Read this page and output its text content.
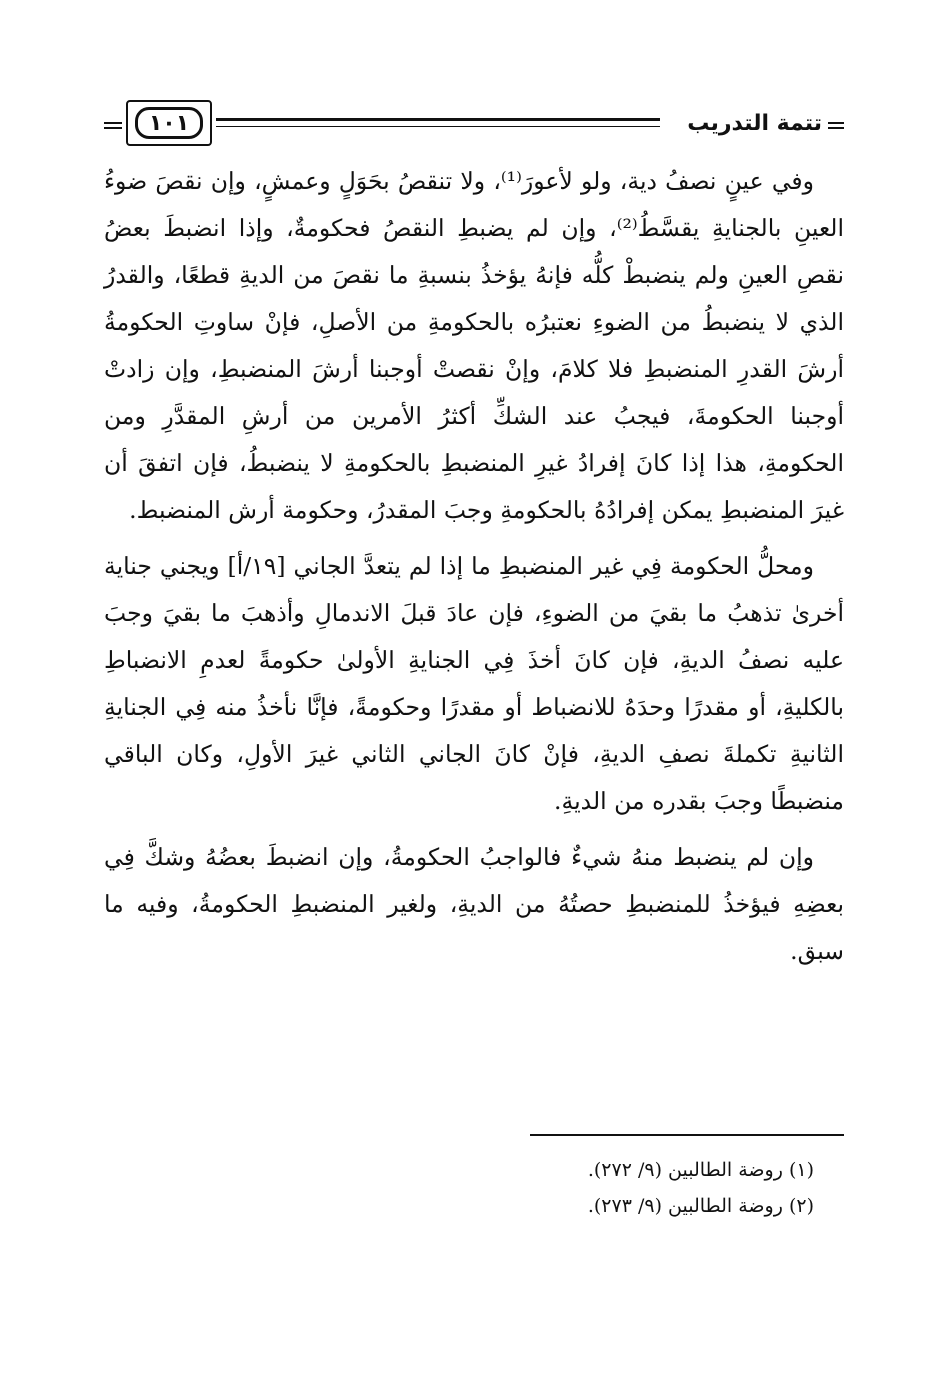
تتمة التدريب
١٠١

وفي عينٍ نصفُ دية، ولو لأعورَ⁽¹⁾، ولا تنقصُ بحَوَلٍ وعمشٍ، وإن نقصَ ضوءُ العينِ بالجنايةِ يقسَّطُ⁽²⁾، وإن لم يضبطِ النقصُ فحكومةٌ، وإذا انضبطَ بعضُ نقصِ العينِ ولم ينضبطْ كلُّه فإنهُ يؤخذُ بنسبةِ ما نقصَ من الديةِ قطعًا، والقدرُ الذي لا ينضبطُ من الضوءِ نعتبرُه بالحكومةِ من الأصلِ، فإنْ ساوتِ الحكومةُ أرشَ القدرِ المنضبطِ فلا كلامَ، وإنْ نقصتْ أوجبنا أرشَ المنضبطِ، وإن زادتْ أوجبنا الحكومةَ، فيجبُ عند الشكِّ أكثرُ الأمرين من أرشِ المقدَّرِ ومن الحكومةِ، هذا إذا كانَ إفرادُ غيرِ المنضبطِ بالحكومةِ لا ينضبطُ، فإن اتفقَ أن غيرَ المنضبطِ يمكن إفرادُهُ بالحكومةِ وجبَ المقدرُ، وحكومة أرش المنضبط.

ومحلُّ الحكومة فِي غير المنضبطِ ما إذا لم يتعدَّ الجاني [١٩/أ] ويجني جناية أخرىٰ تذهبُ ما بقيَ من الضوءِ، فإن عادَ قبلَ الاندمالِ وأذهبَ ما بقيَ وجبَ عليه نصفُ الديةِ، فإن كانَ أخذَ فِي الجنايةِ الأولىٰ حكومةً لعدمِ الانضباطِ بالكليةِ، أو مقدرًا وحدَهُ للانضباط أو مقدرًا وحكومةً، فإنَّا نأخذُ منه فِي الجنايةِ الثانيةِ تكملةَ نصفِ الديةِ، فإنْ كانَ الجاني الثاني غيرَ الأولِ، وكان الباقي منضبطًا وجبَ بقدره من الديةِ.

وإن لم ينضبط منهُ شيءٌ فالواجبُ الحكومةُ، وإن انضبطَ بعضُهُ وشكَّ فِي بعضِهِ فيؤخذُ للمنضبطِ حصتُهُ من الديةِ، ولغير المنضبطِ الحكومةُ، وفيه ما سبق.

(١) روضة الطالبين (٩/ ٢٧٢).

(٢) روضة الطالبين (٩/ ٢٧٣).
